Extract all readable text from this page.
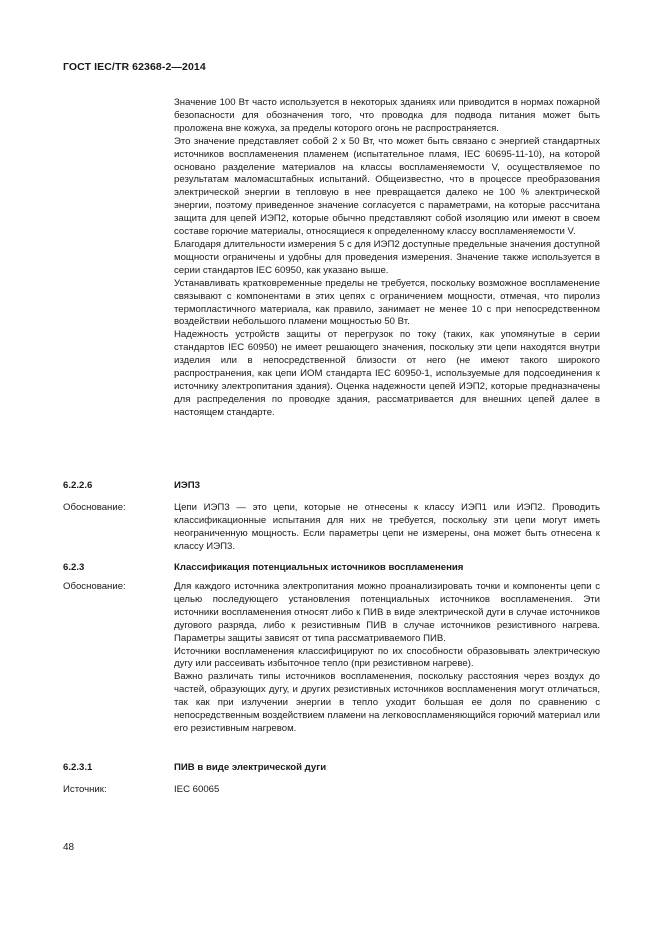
ГОСТ IEC/TR 62368-2—2014

Значение 100 Вт часто используется в некоторых зданиях или приводится в нормах пожарной безопасности для обозначения того, что проводка для подвода питания может быть проложена вне кожуха, за пределы которого огонь не распространяется.

Это значение представляет собой 2 x 50 Вт, что может быть связано с энергией стандартных источников воспламенения пламенем (испытательное пламя, IEC 60695-11-10), на которой основано разделение материалов на классы воспламеняемости V, осуществляемое по результатам маломасштабных испытаний. Общеизвестно, что в процессе преобразования электрической энергии в тепловую в нее превращается далеко не 100 % электрической энергии, поэтому приведенное значение согласуется с параметрами, на которые рассчитана защита для цепей ИЭП2, которые обычно представляют собой изоляцию или имеют в своем составе горючие материалы, относящиеся к определенному классу воспламеняемости V.

Благодаря длительности измерения 5 с для ИЭП2 доступные предельные значения доступной мощности ограничены и удобны для проведения измерения. Значение также используется в серии стандартов IEC 60950, как указано выше.

Устанавливать кратковременные пределы не требуется, поскольку возможное воспламенение связывают с компонентами в этих цепях с ограничением мощности, отмечая, что пиролиз термопластичного материала, как правило, занимает не менее 10 с при непосредственном воздействии небольшого пламени мощностью 50 Вт.

Надежность устройств защиты от перегрузок по току (таких, как упомянутые в серии стандартов IEC 60950) не имеет решающего значения, поскольку эти цепи находятся внутри изделия или в непосредственной близости от него (не имеют такого широкого распространения, как цепи ИОМ стандарта IEC 60950-1, используемые для подсоединения к источнику электропитания здания). Оценка надежности цепей ИЭП2, которые предназначены для распределения по проводке здания, рассматривается для внешних цепей далее в настоящем стандарте.

6.2.2.6	ИЭП3
Обоснование:	Цепи ИЭП3 — это цепи, которые не отнесены к классу ИЭП1 или ИЭП2. Проводить классификационные испытания для них не требуется, поскольку эти цепи могут иметь неограниченную мощность. Если параметры цепи не измерены, она может быть отнесена к классу ИЭП3.
6.2.3	Классификация потенциальных источников воспламенения
Обоснование:	Для каждого источника электропитания можно проанализировать точки и компоненты цепи с целью последующего установления потенциальных источников воспламенения. Эти источники воспламенения относят либо к ПИВ в виде электрической дуги в случае источников дугового разряда, либо к резистивным ПИВ в случае источников резистивного нагрева. Параметры защиты зависят от типа рассматриваемого ПИВ.

Источники воспламенения классифицируют по их способности образовывать электрическую дугу или рассеивать избыточное тепло (при резистивном нагреве).

Важно различать типы источников воспламенения, поскольку расстояния через воздух до частей, образующих дугу, и других резистивных источников воспламенения могут отличаться, так как при излучении энергии в тепло уходит большая ее доля по сравнению с непосредственным воздействием пламени на легковоспламеняющийся горючий материал или его резистивным нагревом.

6.2.3.1	ПИВ в виде электрической дуги
Источник:	IEC 60065
48
